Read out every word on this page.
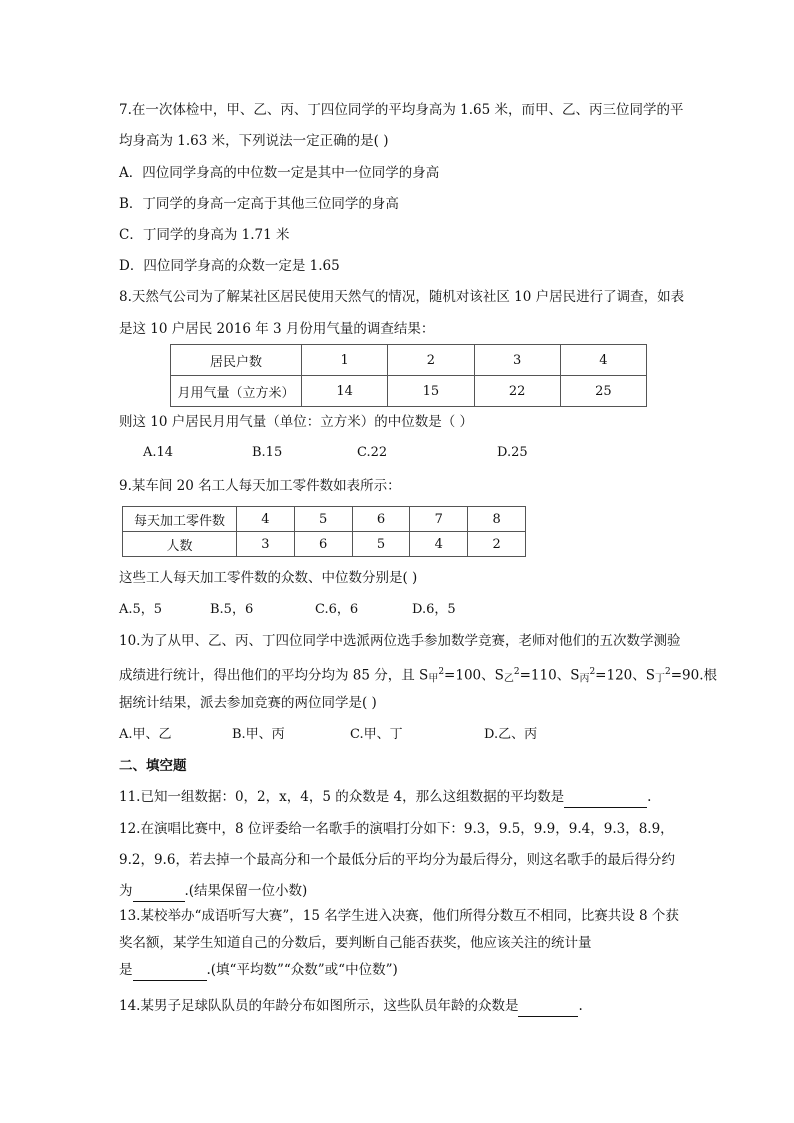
7.在一次体检中，甲、乙、丙、丁四位同学的平均身高为 1.65 米，而甲、乙、丙三位同学的平
均身高为 1.63 米，下列说法一定正确的是( )
A．四位同学身高的中位数一定是其中一位同学的身高
B．丁同学的身高一定高于其他三位同学的身高
C．丁同学的身高为 1.71 米
D．四位同学身高的众数一定是 1.65
8.天然气公司为了解某社区居民使用天然气的情况，随机对该社区 10 户居民进行了调查，如表
是这 10 户居民 2016 年 3 月份用气量的调查结果：
居民户数	1	2	3	4
月用气量（立方米）	14	15	22	25
则这 10 户居民月用气量（单位：立方米）的中位数是（ ）
A.14	B.15	C.22	D.25
9.某车间 20 名工人每天加工零件数如表所示：
每天加工零件数	4	5	6	7	8
人数	3	6	5	4	2
这些工人每天加工零件数的众数、中位数分别是( )
A.5，5	B.5，6	C.6，6	D.6，5
10.为了从甲、乙、丙、丁四位同学中选派两位选手参加数学竞赛，老师对他们的五次数学测验
成绩进行统计，得出他们的平均分均为 85 分，且 S甲$^2$=100、S乙$^2$=110、S丙$^2$=120、S丁$^2$=90.根
据统计结果，派去参加竞赛的两位同学是( )
A.甲、乙	B.甲、丙	C.甲、丁	D.乙、丙
二、填空题
11.已知一组数据：0，2，x，4，5 的众数是 4，那么这组数据的平均数是	.
12.在演唱比赛中，8 位评委给一名歌手的演唱打分如下：9.3，9.5，9.9，9.4，9.3，8.9，
9.2，9.6，若去掉一个最高分和一个最低分后的平均分为最后得分，则这名歌手的最后得分约
为	.(结果保留一位小数)
13.某校举办“成语听写大赛”，15 名学生进入决赛，他们所得分数互不相同，比赛共设 8 个获
奖名额，某学生知道自己的分数后，要判断自己能否获奖，他应该关注的统计量
是	.(填“平均数”“众数”或“中位数”)
14.某男子足球队队员的年龄分布如图所示，这些队员年龄的众数是	.
